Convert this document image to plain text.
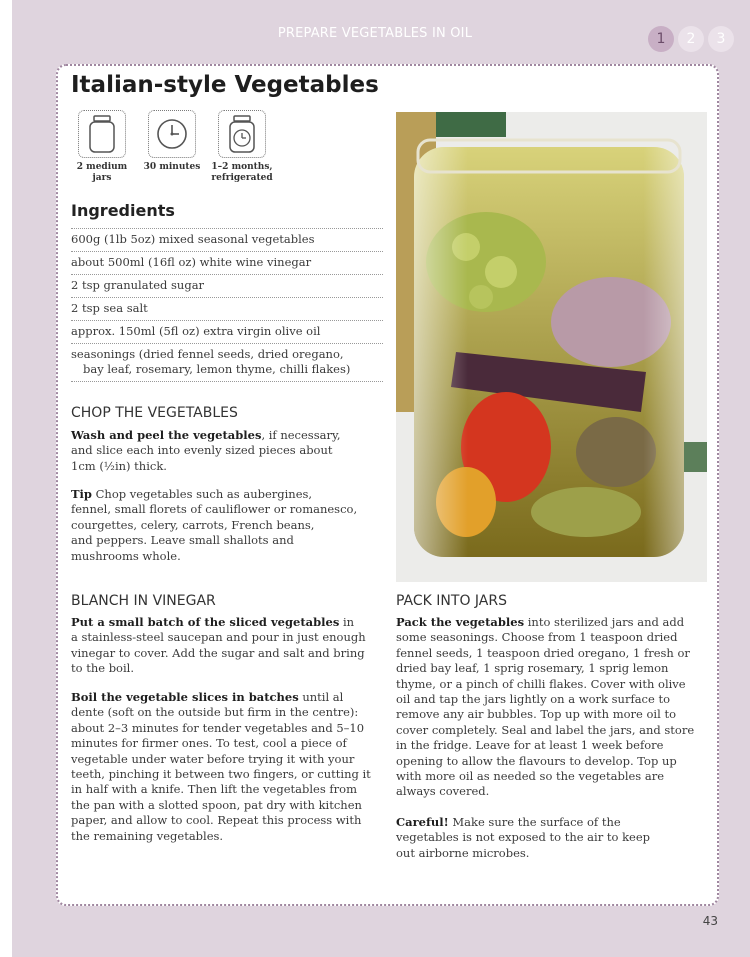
PREPARE VEGETABLES IN OIL	1	2	3
Italian-style Vegetables
2 medium
jars
30 minutes 1–2 months,
refrigerated
Ingredients
600g (1lb 5oz) mixed seasonal vegetables
about 500ml (16fl oz) white wine vinegar
2 tsp granulated sugar
2 tsp sea salt
approx. 150ml (5fl oz) extra virgin olive oil
seasonings (dried fennel seeds, dried oregano,
bay leaf, rosemary, lemon thyme, chilli flakes)
CHOP THE VEGETABLES
Wash and peel the vegetables, if necessary,
and slice each into evenly sized pieces about
1cm (½in) thick.
Tip Chop vegetables such as aubergines,
fennel, small florets of cauliflower or romanesco,
courgettes, celery, carrots, French beans,
and peppers. Leave small shallots and
mushrooms whole.
BLANCH IN VINEGAR
Put a small batch of the sliced vegetables in
a stainless-steel saucepan and pour in just enough
vinegar to cover. Add the sugar and salt and bring
to the boil.
Boil the vegetable slices in batches until al
dente (soft on the outside but firm in the centre):
about 2–3 minutes for tender vegetables and 5–10
minutes for firmer ones. To test, cool a piece of
vegetable under water before trying it with your
teeth, pinching it between two fingers, or cutting it
in half with a knife. Then lift the vegetables from
the pan with a slotted spoon, pat dry with kitchen
paper, and allow to cool. Repeat this process with
the remaining vegetables.
PACK INTO JARS
Pack the vegetables into sterilized jars and add
some seasonings. Choose from 1 teaspoon dried
fennel seeds, 1 teaspoon dried oregano, 1 fresh or
dried bay leaf, 1 sprig rosemary, 1 sprig lemon
thyme, or a pinch of chilli flakes. Cover with olive
oil and tap the jars lightly on a work surface to
remove any air bubbles. Top up with more oil to
cover completely. Seal and label the jars, and store
in the fridge. Leave for at least 1 week before
opening to allow the flavours to develop. Top up
with more oil as needed so the vegetables are
always covered.
Careful! Make sure the surface of the
vegetables is not exposed to the air to keep
out airborne microbes.
43
